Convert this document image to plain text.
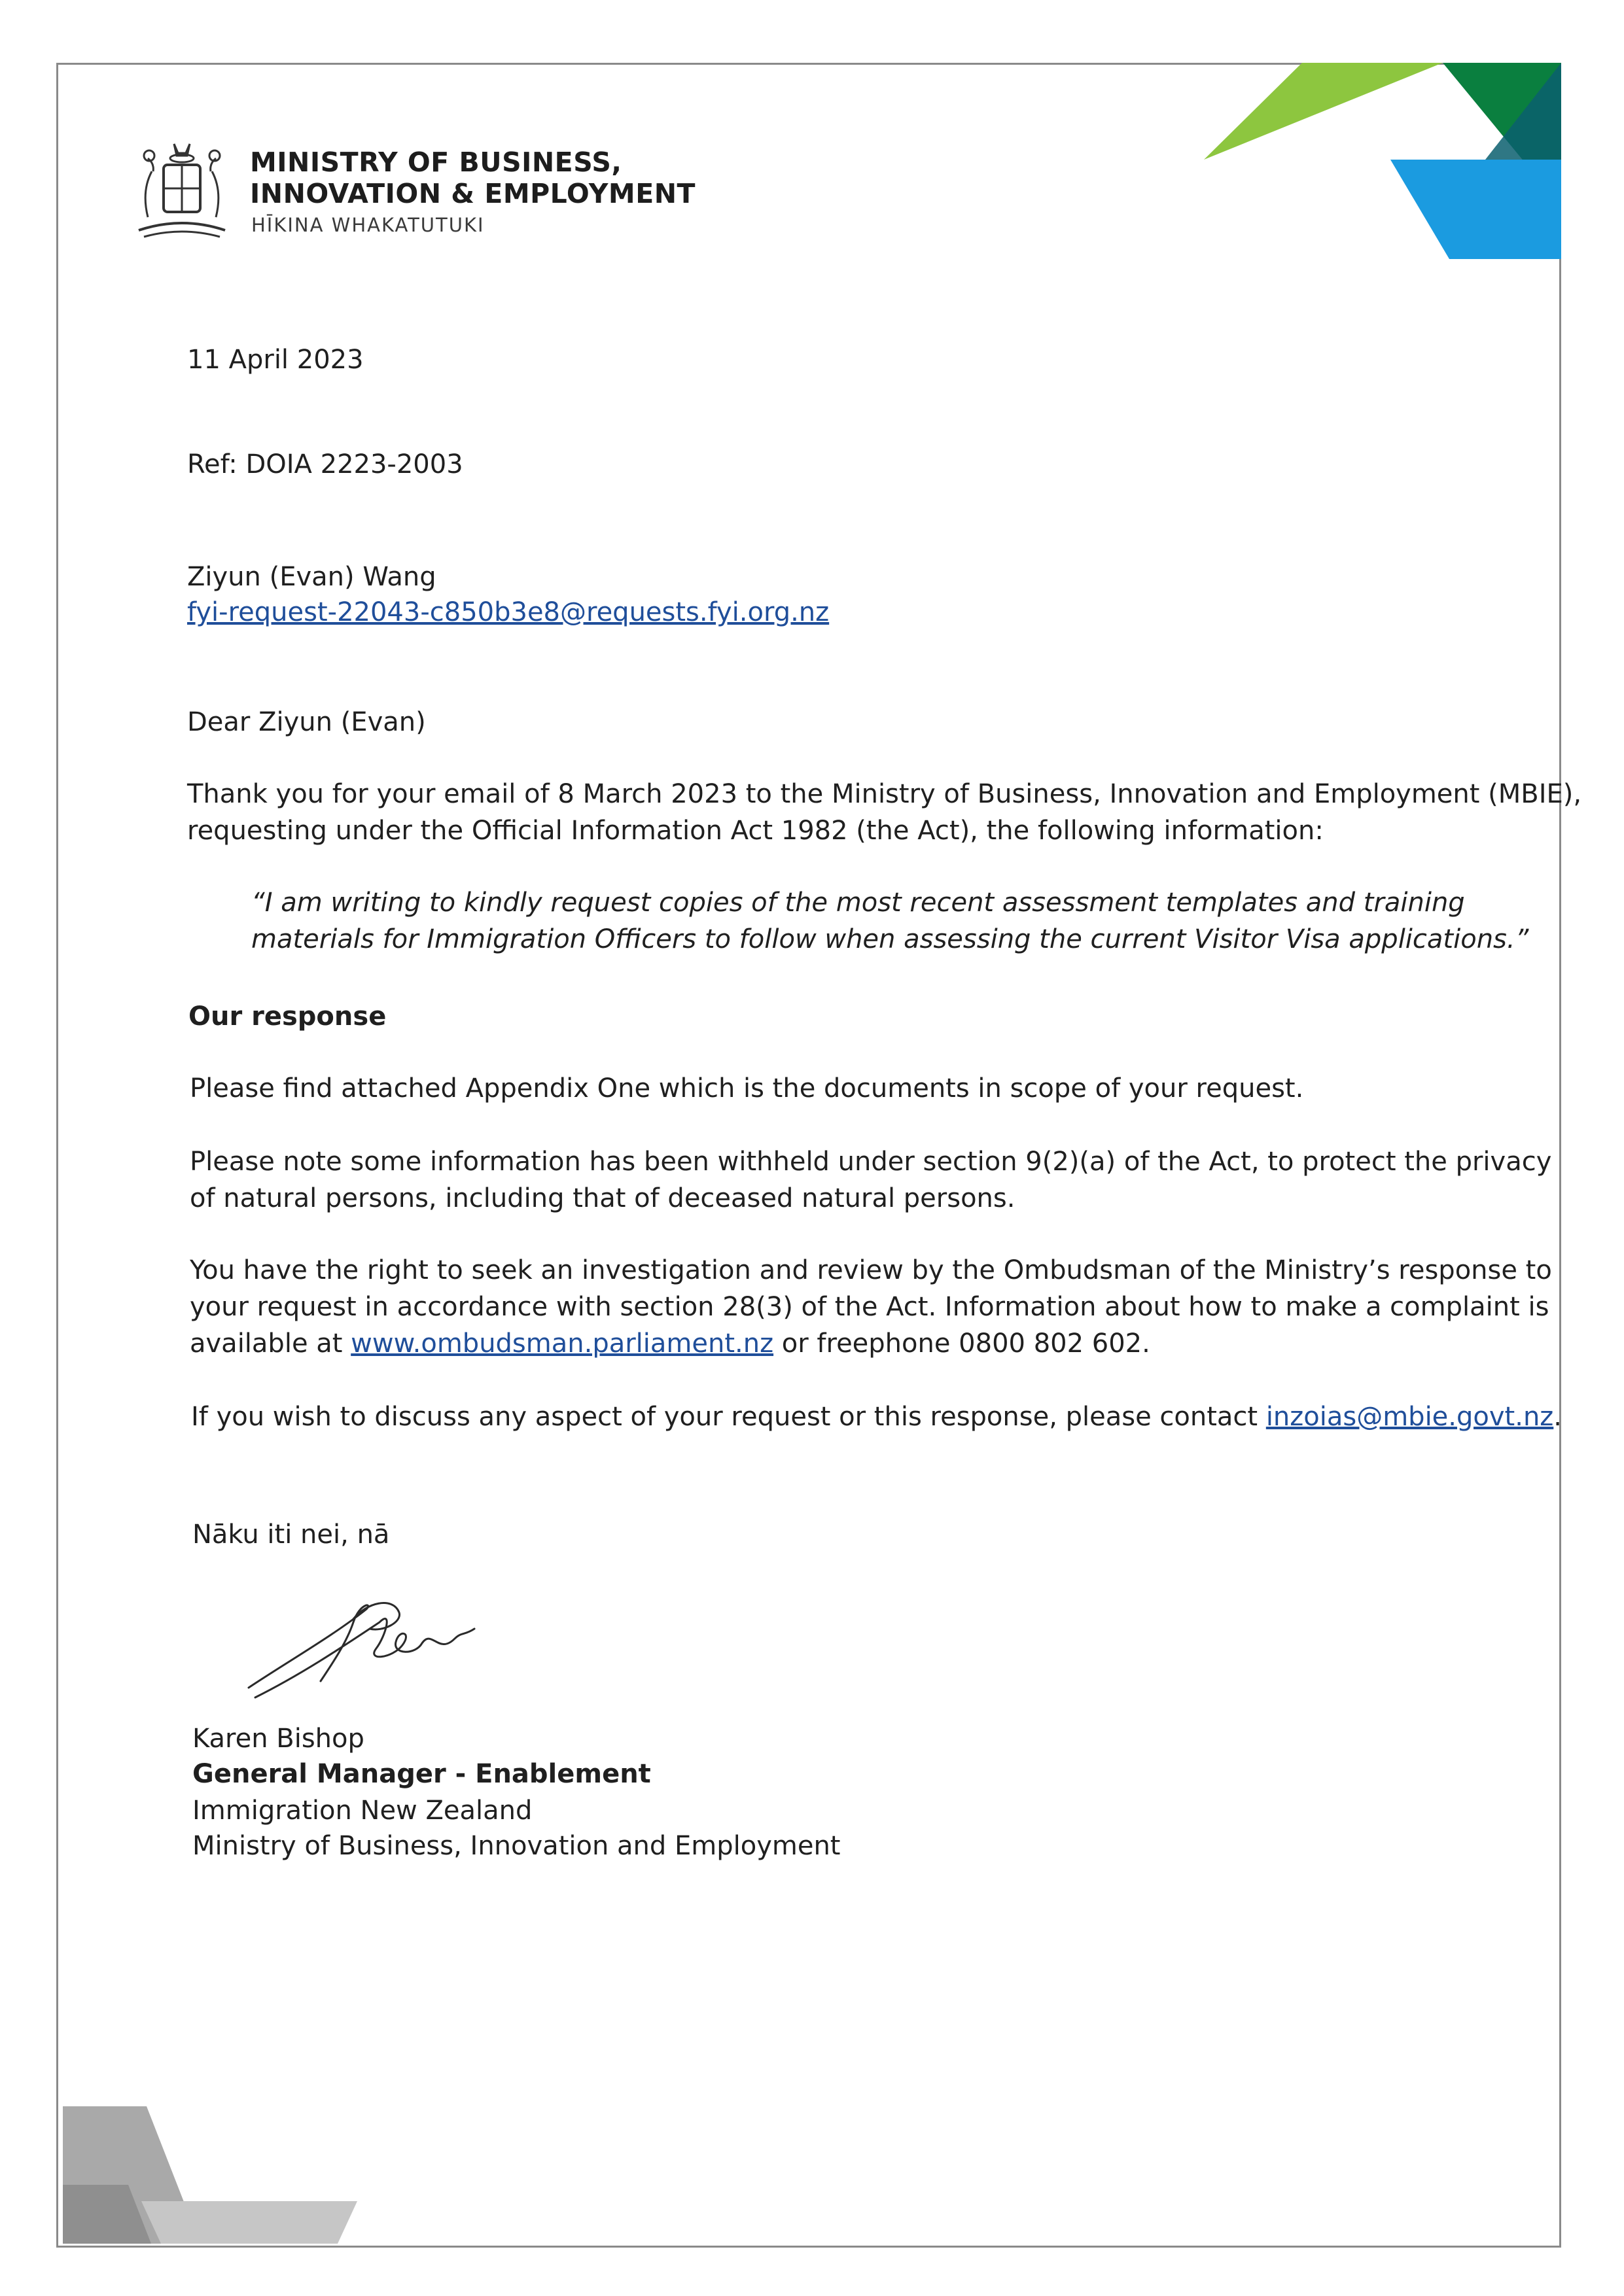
MINISTRY OF BUSINESS,
INNOVATION & EMPLOYMENT
HĪKINA WHAKATUTUKI
11 April 2023
Ref: DOIA 2223-2003
Ziyun (Evan) Wang
fyi-request-22043-c850b3e8@requests.fyi.org.nz
Dear Ziyun (Evan)
Thank you for your email of 8 March 2023 to the Ministry of Business, Innovation and Employment (MBIE),
requesting under the Official Information Act 1982 (the Act), the following information:
“I am writing to kindly request copies of the most recent assessment templates and training
materials for Immigration Officers to follow when assessing the current Visitor Visa applications.”
Our response
Please find attached Appendix One which is the documents in scope of your request.
Please note some information has been withheld under section 9(2)(a) of the Act, to protect the privacy
of natural persons, including that of deceased natural persons.
You have the right to seek an investigation and review by the Ombudsman of the Ministry’s response to
your request in accordance with section 28(3) of the Act. Information about how to make a complaint is
available at www.ombudsman.parliament.nz or freephone 0800 802 602.
If you wish to discuss any aspect of your request or this response, please contact inzoias@mbie.govt.nz.
Nāku iti nei, nā
Karen Bishop
General Manager - Enablement
Immigration New Zealand
Ministry of Business, Innovation and Employment
